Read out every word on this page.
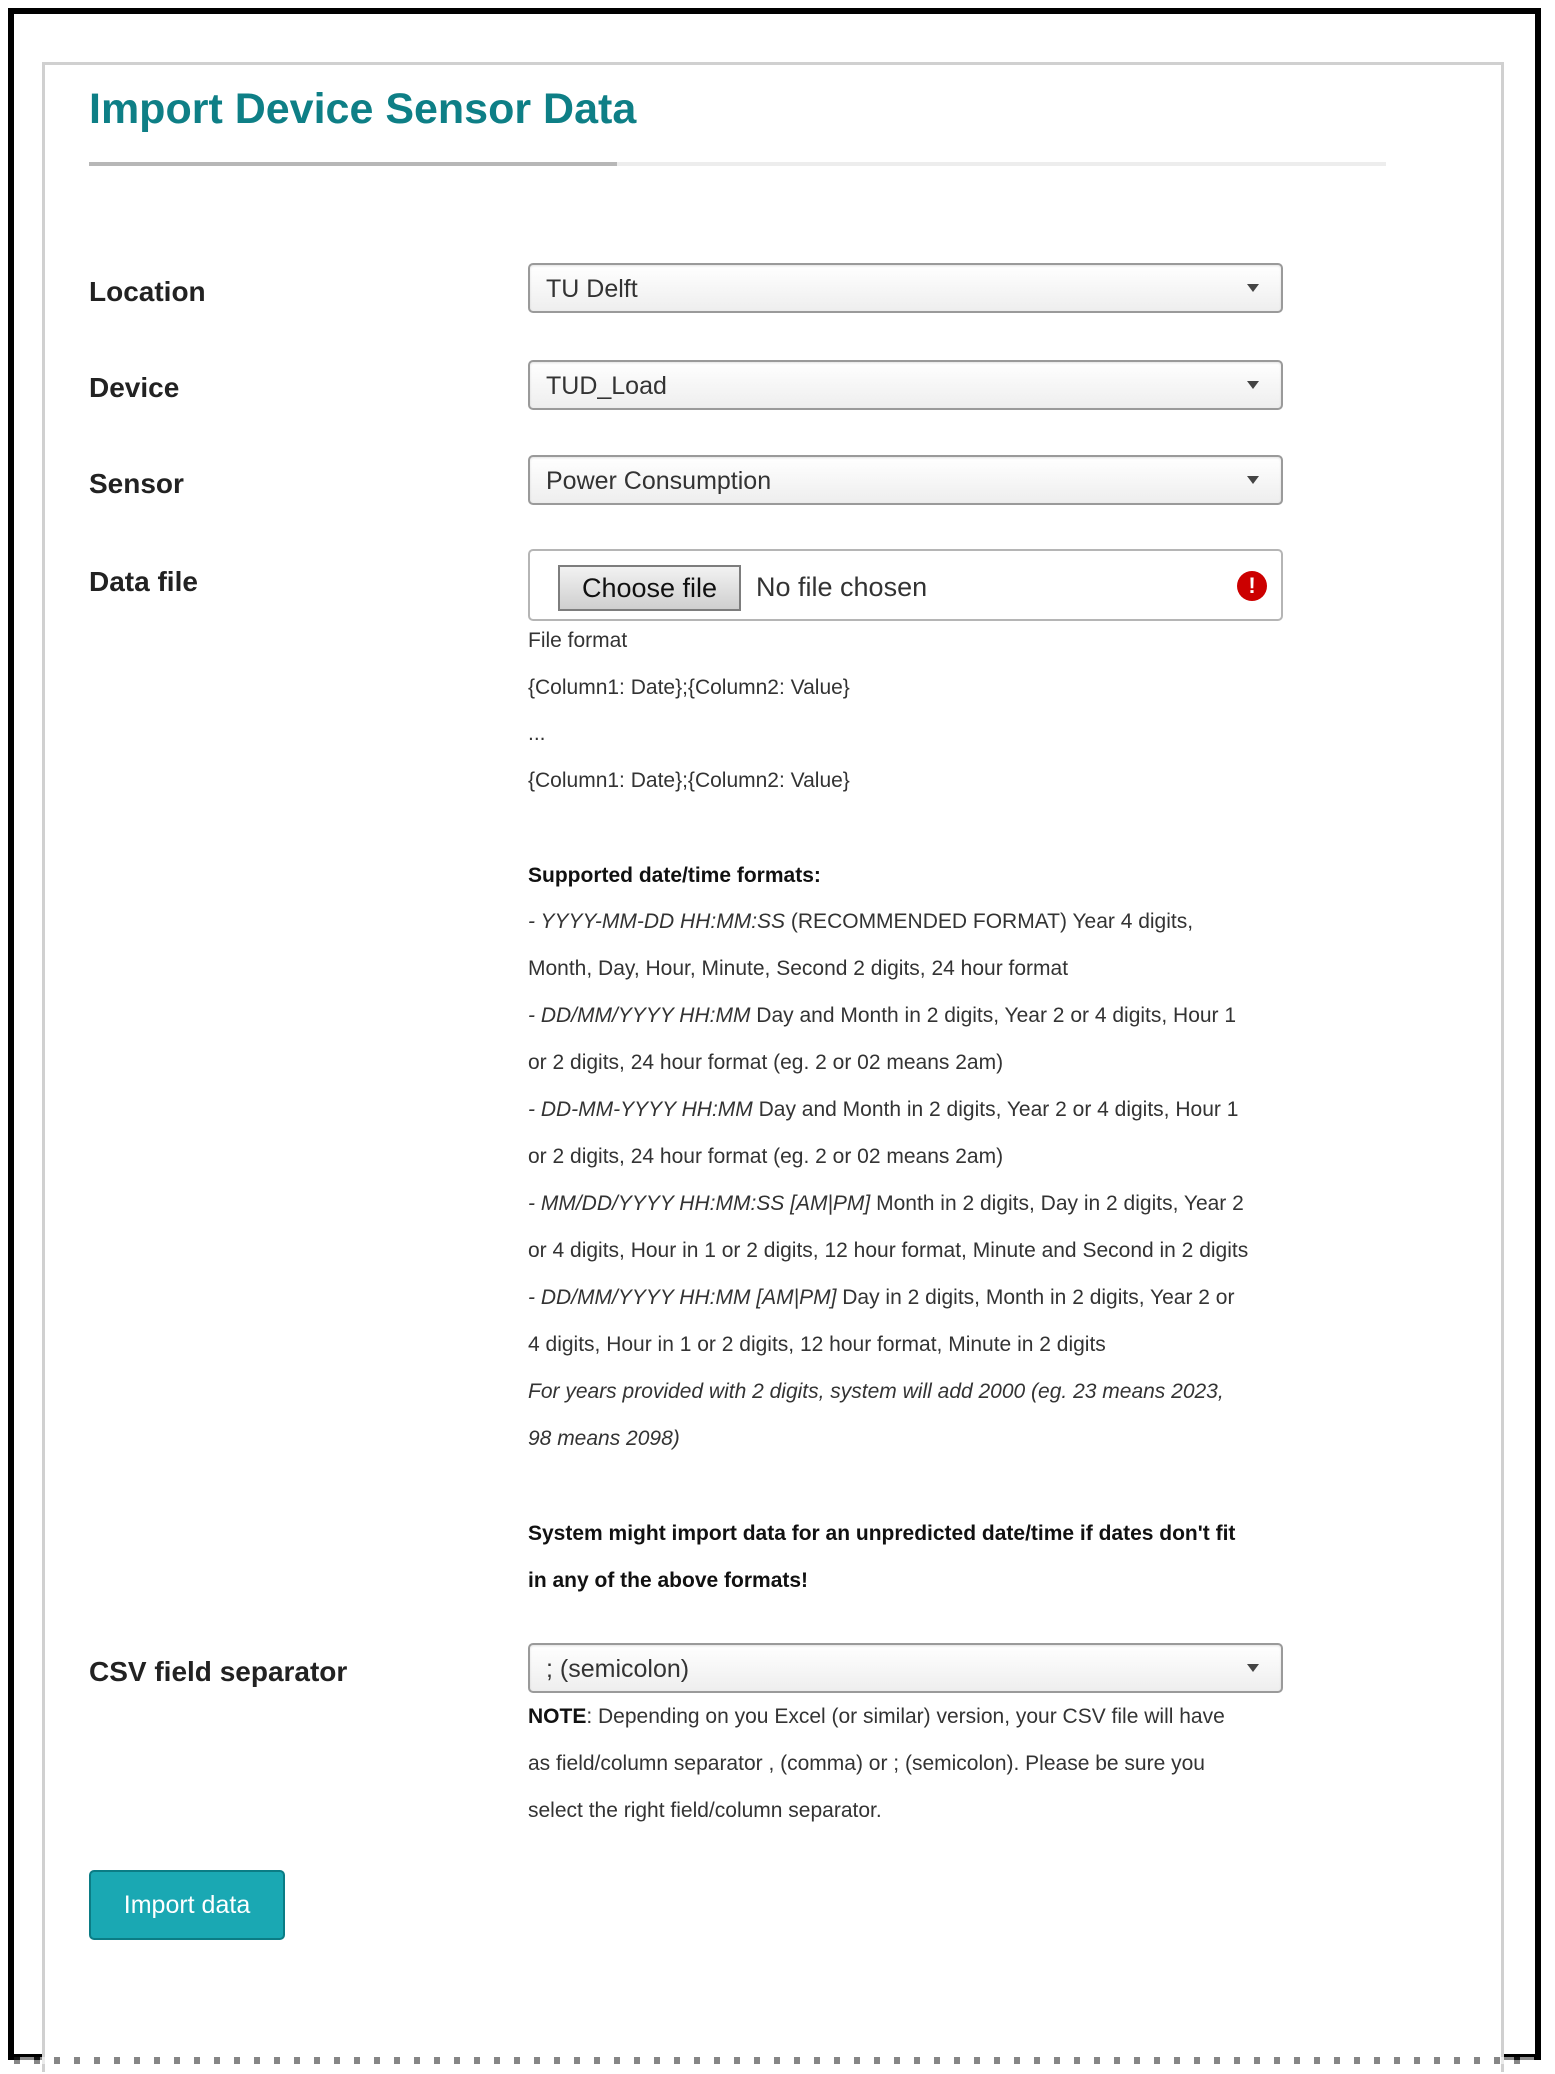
Import Device Sensor Data
Location	TU Delft
Device	TUD_Load
Sensor	Power Consumption
Data file	Choose file	No file chosen	!
File format
{Column1: Date};{Column2: Value}
...
{Column1: Date};{Column2: Value}
Supported date/time formats:
- YYYY-MM-DD HH:MM:SS (RECOMMENDED FORMAT) Year 4 digits,
Month, Day, Hour, Minute, Second 2 digits, 24 hour format
- DD/MM/YYYY HH:MM Day and Month in 2 digits, Year 2 or 4 digits, Hour 1
or 2 digits, 24 hour format (eg. 2 or 02 means 2am)
- DD-MM-YYYY HH:MM Day and Month in 2 digits, Year 2 or 4 digits, Hour 1
or 2 digits, 24 hour format (eg. 2 or 02 means 2am)
- MM/DD/YYYY HH:MM:SS [AM|PM] Month in 2 digits, Day in 2 digits, Year 2
or 4 digits, Hour in 1 or 2 digits, 12 hour format, Minute and Second in 2 digits
- DD/MM/YYYY HH:MM [AM|PM] Day in 2 digits, Month in 2 digits, Year 2 or
4 digits, Hour in 1 or 2 digits, 12 hour format, Minute in 2 digits
For years provided with 2 digits, system will add 2000 (eg. 23 means 2023,
98 means 2098)
System might import data for an unpredicted date/time if dates don't fit
in any of the above formats!
CSV field separator	; (semicolon)
NOTE: Depending on you Excel (or similar) version, your CSV file will have
as field/column separator , (comma) or ; (semicolon). Please be sure you
select the right field/column separator.
Import data
